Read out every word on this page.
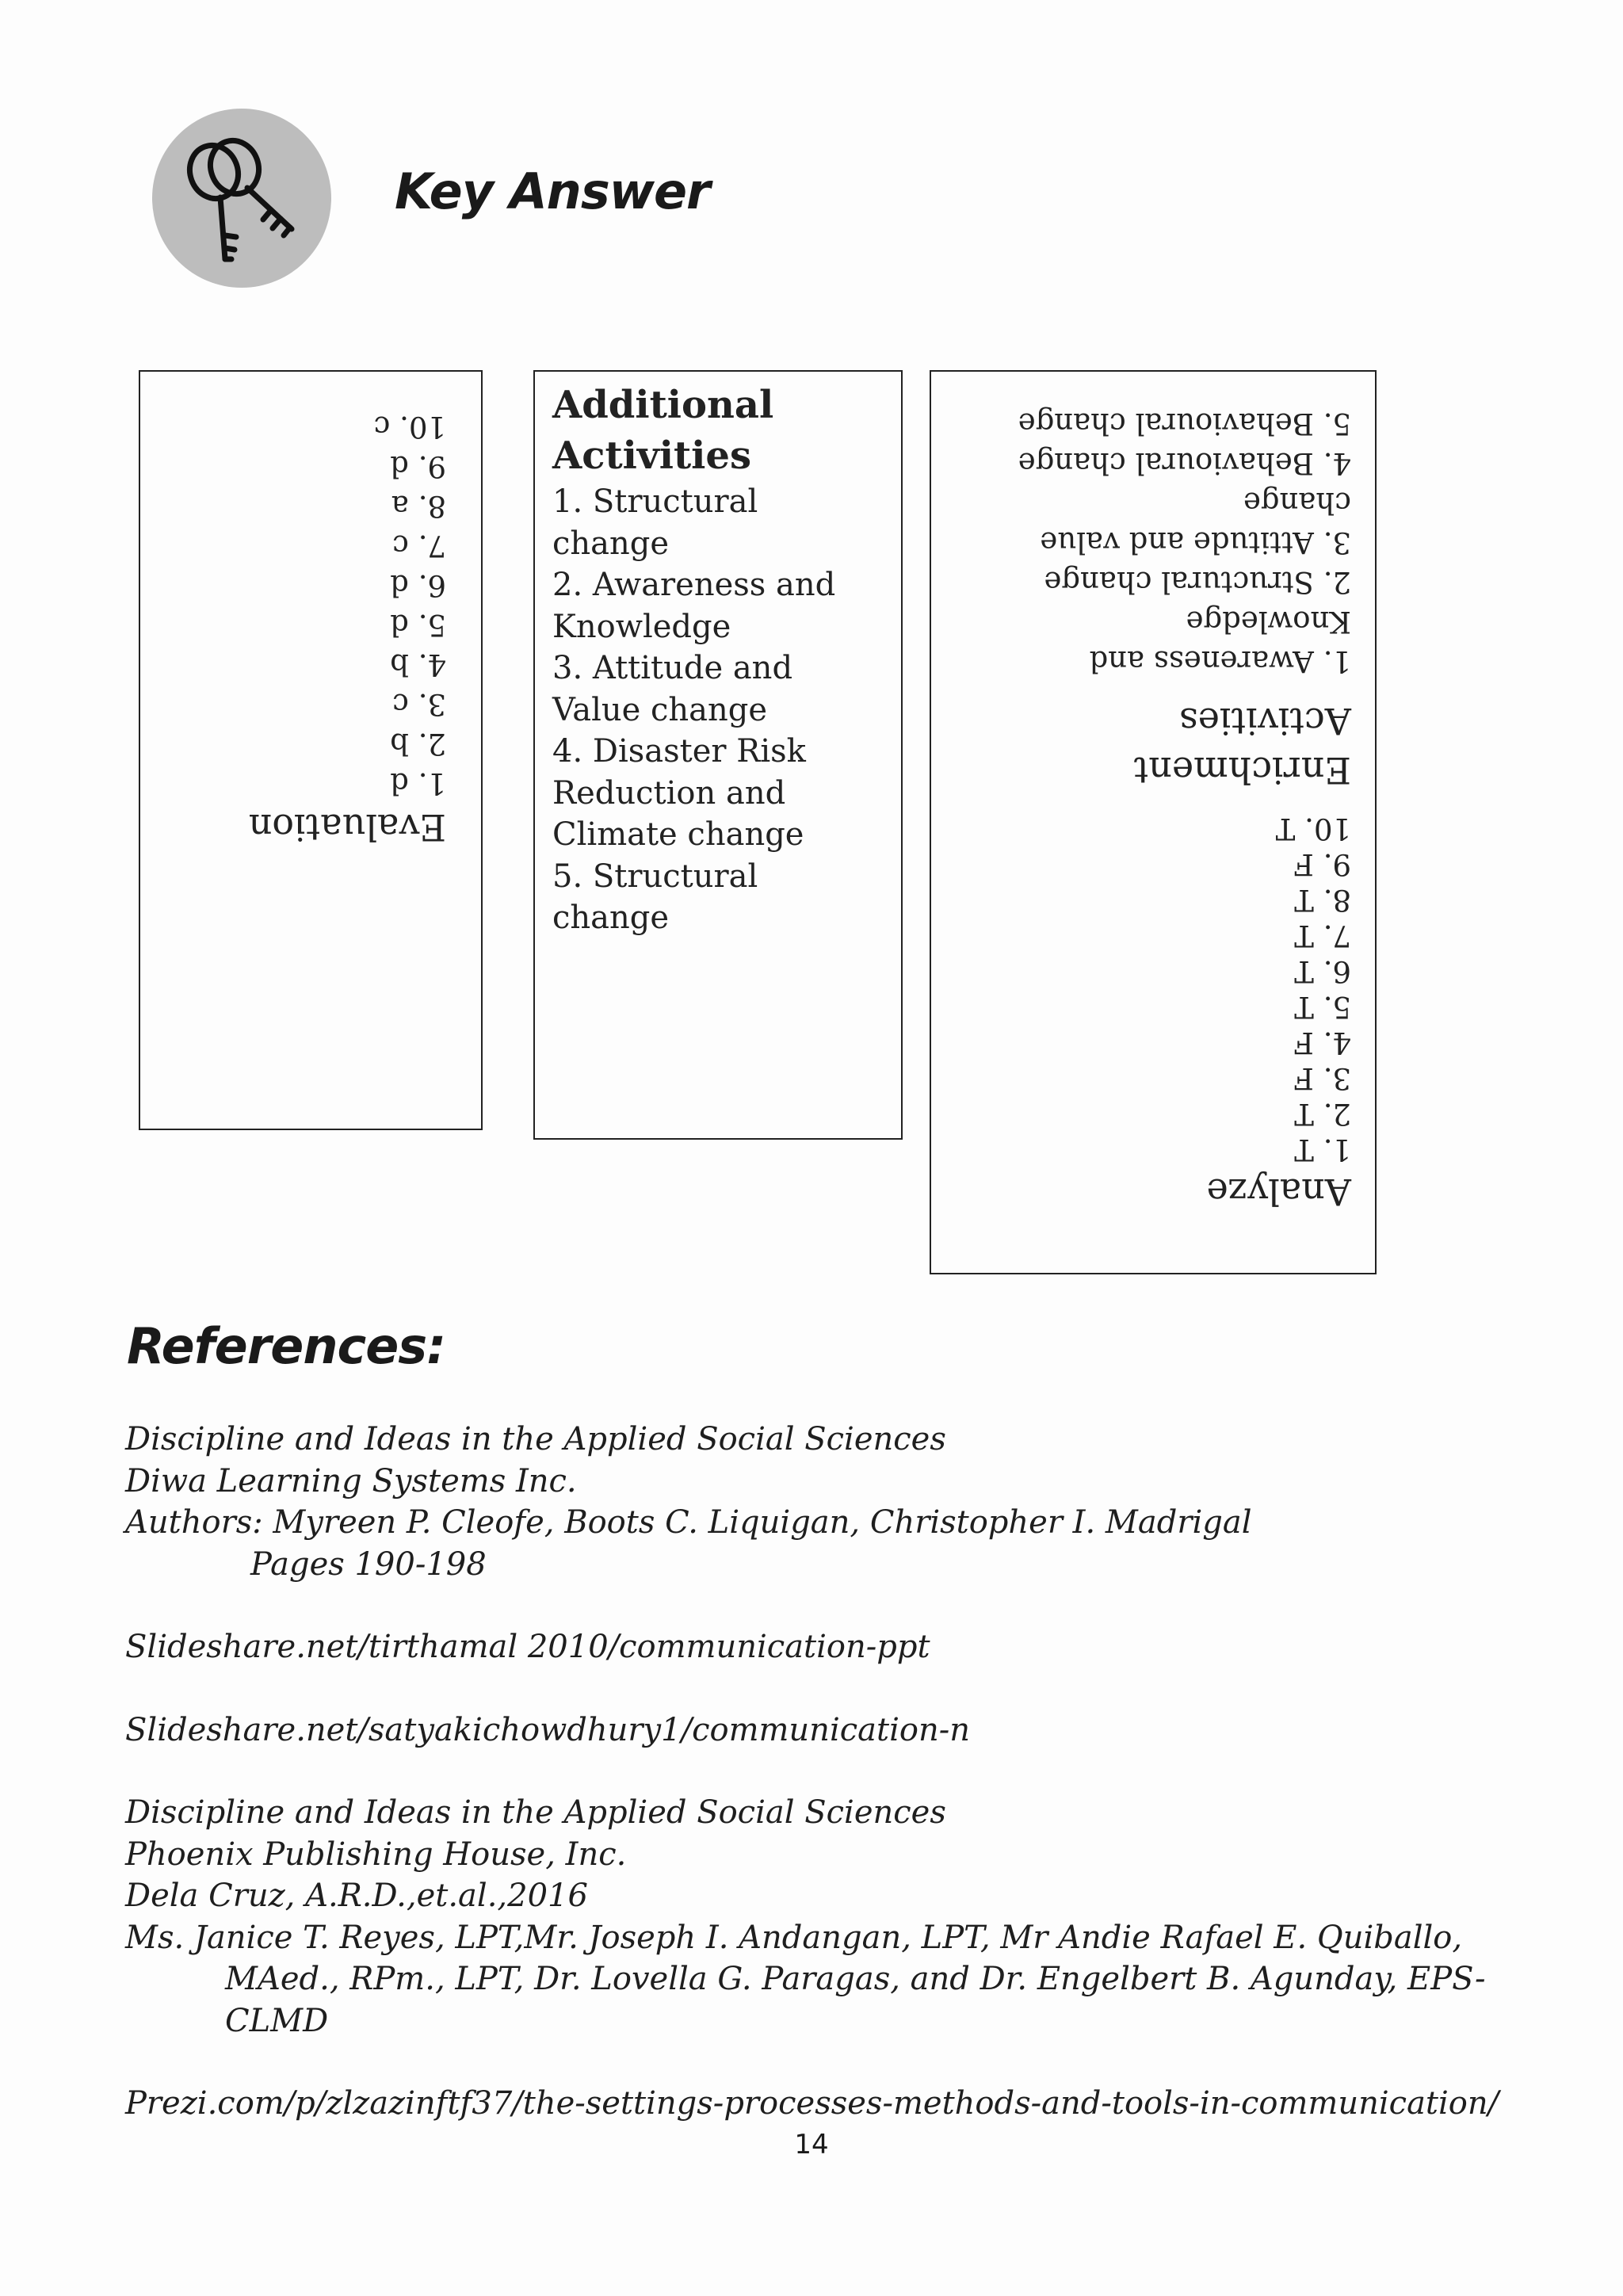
Key Answer
Evaluation
1. d
2. b
3. c
4. b
5. d
6. d
7. c
8. a
9. d
10. c	Additional
Activities
1. Structural
change
2. Awareness and
Knowledge
3. Attitude and
Value change
4. Disaster Risk
Reduction and
Climate change
5. Structural
change
Analyze
1. T
2. T
3. F
4. F
5. T
6. T
7. T
8. T
9. F
10. T
Enrichment
Activities
1. Awareness and
Knowledge
2. Structural change
3. Attitude and value
change
4. Behavioural change
5. Behavioural change
References:
Discipline and Ideas in the Applied Social Sciences
Diwa Learning Systems Inc.
Authors: Myreen P. Cleofe, Boots C. Liquigan, Christopher I. Madrigal
Pages 190-198
Slideshare.net/tirthamal 2010/communication-ppt
Slideshare.net/satyakichowdhury1/communication-n
Discipline and Ideas in the Applied Social Sciences
Phoenix Publishing House, Inc.
Dela Cruz, A.R.D.,et.al.,2016
Ms. Janice T. Reyes, LPT,Mr. Joseph I. Andangan, LPT, Mr Andie Rafael E. Quiballo,
MAed., RPm., LPT, Dr. Lovella G. Paragas, and Dr. Engelbert B. Agunday, EPS-
CLMD
Prezi.com/p/zlzazinftf37/the-settings-processes-methods-and-tools-in-communication/
14
